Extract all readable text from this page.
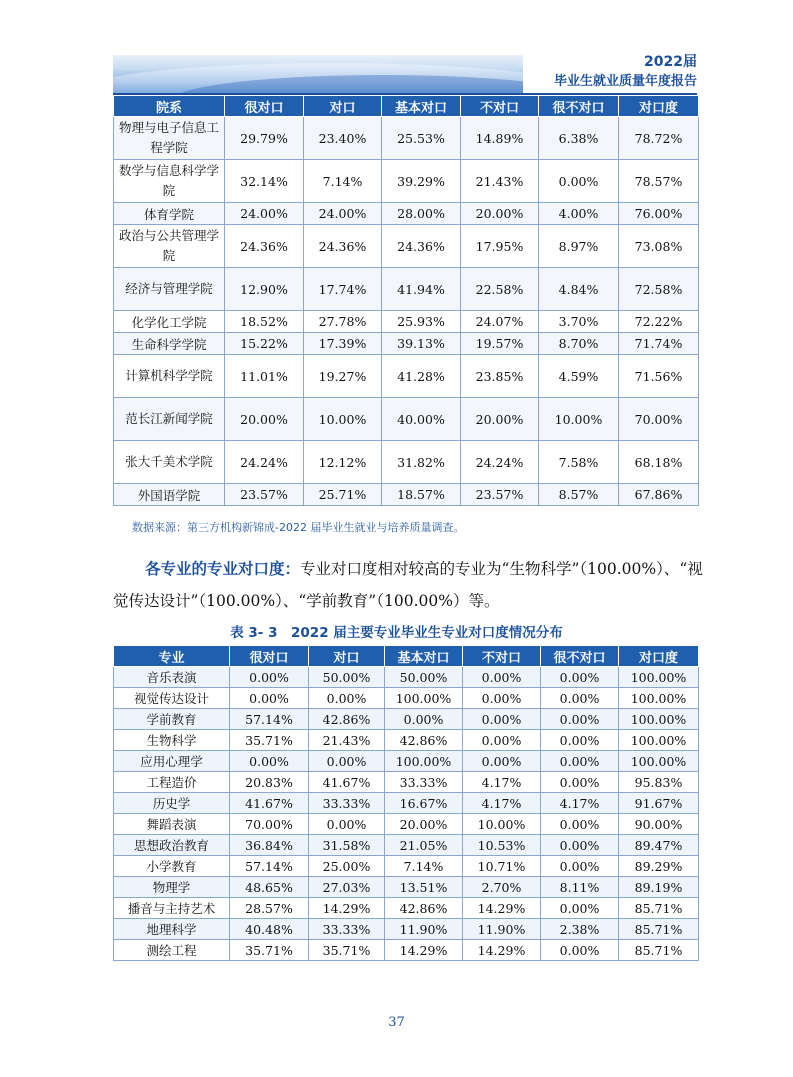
2022届
毕业生就业质量年度报告
院系	很对口	对口	基本对口	不对口	很不对口	对口度
物理与电子信息工程学院	29.79%	23.40%	25.53%	14.89%	6.38%	78.72%
数学与信息科学学院	32.14%	7.14%	39.29%	21.43%	0.00%	78.57%
体育学院	24.00%	24.00%	28.00%	20.00%	4.00%	76.00%
政治与公共管理学院	24.36%	24.36%	24.36%	17.95%	8.97%	73.08%
经济与管理学院	12.90%	17.74%	41.94%	22.58%	4.84%	72.58%
化学化工学院	18.52%	27.78%	25.93%	24.07%	3.70%	72.22%
生命科学学院	15.22%	17.39%	39.13%	19.57%	8.70%	71.74%
计算机科学学院	11.01%	19.27%	41.28%	23.85%	4.59%	71.56%
范长江新闻学院	20.00%	10.00%	40.00%	20.00%	10.00%	70.00%
张大千美术学院	24.24%	12.12%	31.82%	24.24%	7.58%	68.18%
外国语学院	23.57%	25.71%	18.57%	23.57%	8.57%	67.86%
数据来源：第三方机构新锦成-2022 届毕业生就业与培养质量调查。
各专业的专业对口度：专业对口度相对较高的专业为“生物科学”（100.00%）、“视觉传达设计”（100.00%）、“学前教育”（100.00%）等。
表 3- 3　2022 届主要专业毕业生专业对口度情况分布
专业	很对口	对口	基本对口	不对口	很不对口	对口度
音乐表演	0.00%	50.00%	50.00%	0.00%	0.00%	100.00%
视觉传达设计	0.00%	0.00%	100.00%	0.00%	0.00%	100.00%
学前教育	57.14%	42.86%	0.00%	0.00%	0.00%	100.00%
生物科学	35.71%	21.43%	42.86%	0.00%	0.00%	100.00%
应用心理学	0.00%	0.00%	100.00%	0.00%	0.00%	100.00%
工程造价	20.83%	41.67%	33.33%	4.17%	0.00%	95.83%
历史学	41.67%	33.33%	16.67%	4.17%	4.17%	91.67%
舞蹈表演	70.00%	0.00%	20.00%	10.00%	0.00%	90.00%
思想政治教育	36.84%	31.58%	21.05%	10.53%	0.00%	89.47%
小学教育	57.14%	25.00%	7.14%	10.71%	0.00%	89.29%
物理学	48.65%	27.03%	13.51%	2.70%	8.11%	89.19%
播音与主持艺术	28.57%	14.29%	42.86%	14.29%	0.00%	85.71%
地理科学	40.48%	33.33%	11.90%	11.90%	2.38%	85.71%
测绘工程	35.71%	35.71%	14.29%	14.29%	0.00%	85.71%
37
